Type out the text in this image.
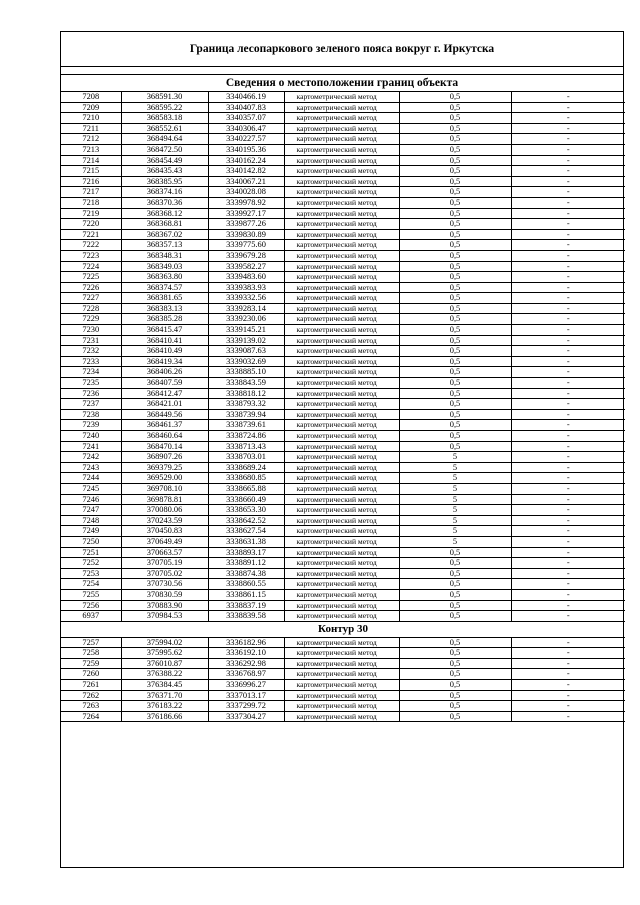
Граница лесопаркового зеленого пояса вокруг г. Иркутска
Сведения о местоположении границ объекта
7208	368591.30	3340466.19	картометрический метод	0,5	-
7209	368595.22	3340407.83	картометрический метод	0,5	-
7210	368583.18	3340357.07	картометрический метод	0,5	-
7211	368552.61	3340306.47	картометрический метод	0,5	-
7212	368494.64	3340227.57	картометрический метод	0,5	-
7213	368472.50	3340195.36	картометрический метод	0,5	-
7214	368454.49	3340162.24	картометрический метод	0,5	-
7215	368435.43	3340142.82	картометрический метод	0,5	-
7216	368385.95	3340067.21	картометрический метод	0,5	-
7217	368374.16	3340028.08	картометрический метод	0,5	-
7218	368370.36	3339978.92	картометрический метод	0,5	-
7219	368368.12	3339927.17	картометрический метод	0,5	-
7220	368368.81	3339877.26	картометрический метод	0,5	-
7221	368367.02	3339830.89	картометрический метод	0,5	-
7222	368357.13	3339775.60	картометрический метод	0,5	-
7223	368348.31	3339679.28	картометрический метод	0,5	-
7224	368349.03	3339582.27	картометрический метод	0,5	-
7225	368363.80	3339483.60	картометрический метод	0,5	-
7226	368374.57	3339383.93	картометрический метод	0,5	-
7227	368381.65	3339332.56	картометрический метод	0,5	-
7228	368383.13	3339283.14	картометрический метод	0,5	-
7229	368385.28	3339230.06	картометрический метод	0,5	-
7230	368415.47	3339145.21	картометрический метод	0,5	-
7231	368410.41	3339139.02	картометрический метод	0,5	-
7232	368410.49	3339087.63	картометрический метод	0,5	-
7233	368419.34	3339032.69	картометрический метод	0,5	-
7234	368406.26	3338885.10	картометрический метод	0,5	-
7235	368407.59	3338843.59	картометрический метод	0,5	-
7236	368412.47	3338818.12	картометрический метод	0,5	-
7237	368421.01	3338793.32	картометрический метод	0,5	-
7238	368449.56	3338739.94	картометрический метод	0,5	-
7239	368461.37	3338739.61	картометрический метод	0,5	-
7240	368460.64	3338724.86	картометрический метод	0,5	-
7241	368470.14	3338713.43	картометрический метод	0,5	-
7242	368907.26	3338703.01	картометрический метод	5	-
7243	369379.25	3338689.24	картометрический метод	5	-
7244	369529.00	3338680.85	картометрический метод	5	-
7245	369708.10	3338665.88	картометрический метод	5	-
7246	369878.81	3338660.49	картометрический метод	5	-
7247	370080.06	3338653.30	картометрический метод	5	-
7248	370243.59	3338642.52	картометрический метод	5	-
7249	370450.83	3338627.54	картометрический метод	5	-
7250	370649.49	3338631.38	картометрический метод	5	-
7251	370663.57	3338893.17	картометрический метод	0,5	-
7252	370705.19	3338891.12	картометрический метод	0,5	-
7253	370705.02	3338874.38	картометрический метод	0,5	-
7254	370730.56	3338860.55	картометрический метод	0,5	-
7255	370830.59	3338861.15	картометрический метод	0,5	-
7256	370883.90	3338837.19	картометрический метод	0,5	-
6937	370984.53	3338839.58	картометрический метод	0,5	-
Контур 30					
7257	375994.02	3336182.96	картометрический метод	0,5	-
7258	375995.62	3336192.10	картометрический метод	0,5	-
7259	376010.87	3336292.98	картометрический метод	0,5	-
7260	376388.22	3336768.97	картометрический метод	0,5	-
7261	376384.45	3336996.27	картометрический метод	0,5	-
7262	376371.70	3337013.17	картометрический метод	0,5	-
7263	376183.22	3337299.72	картометрический метод	0,5	-
7264	376186.66	3337304.27	картометрический метод	0,5	-
